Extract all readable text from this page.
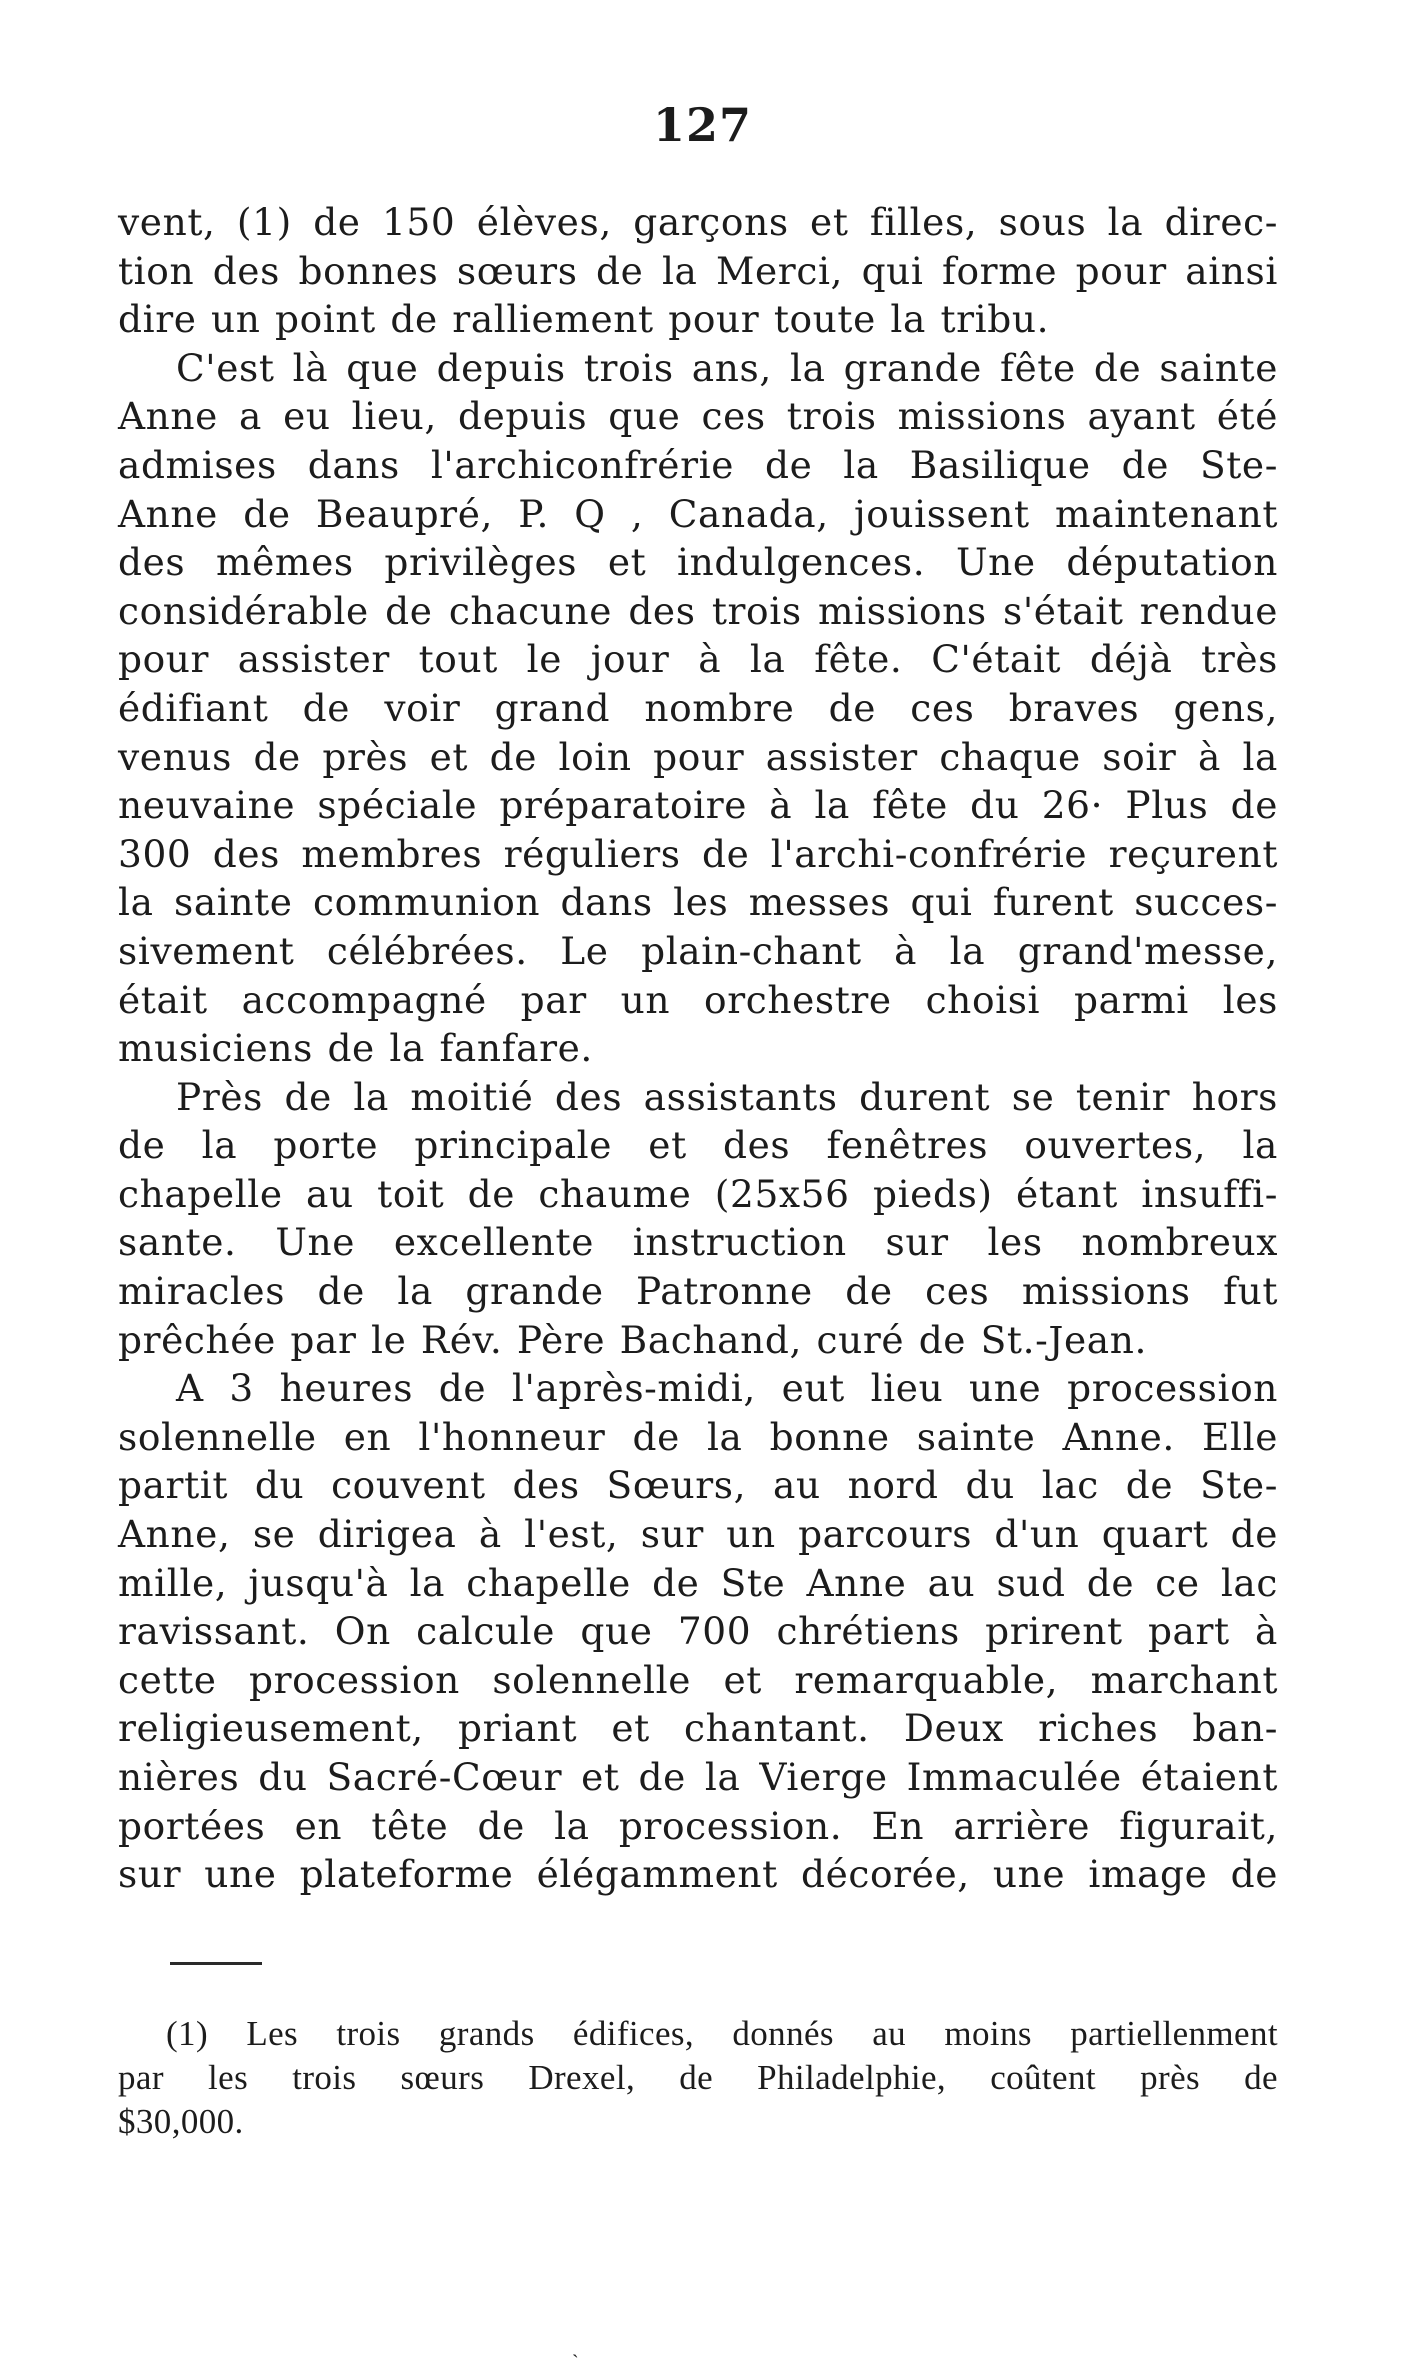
127
vent, (1) de 150 élèves, garçons et filles, sous la direc-
tion des bonnes sœurs de la Merci, qui forme pour ainsi
dire un point de ralliement pour toute la tribu.
C'est là que depuis trois ans, la grande fête de sainte
Anne a eu lieu, depuis que ces trois missions ayant été
admises dans l'archiconfrérie de la Basilique de Ste-
Anne de Beaupré, P. Q , Canada, jouissent maintenant
des mêmes privilèges et indulgences. Une députation
considérable de chacune des trois missions s'était rendue
pour assister tout le jour à la fête. C'était déjà très
édifiant de voir grand nombre de ces braves gens,
venus de près et de loin pour assister chaque soir à la
neuvaine spéciale préparatoire à la fête du 26· Plus de
300 des membres réguliers de l'archi-confrérie reçurent
la sainte communion dans les messes qui furent succes-
sivement célébrées. Le plain-chant à la grand'messe,
était accompagné par un orchestre choisi parmi les
musiciens de la fanfare.
Près de la moitié des assistants durent se tenir hors
de la porte principale et des fenêtres ouvertes, la
chapelle au toit de chaume (25x56 pieds) étant insuffi-
sante. Une excellente instruction sur les nombreux
miracles de la grande Patronne de ces missions fut
prêchée par le Rév. Père Bachand, curé de St.-Jean.
A 3 heures de l'après-midi, eut lieu une procession
solennelle en l'honneur de la bonne sainte Anne. Elle
partit du couvent des Sœurs, au nord du lac de Ste-
Anne, se dirigea à l'est, sur un parcours d'un quart de
mille, jusqu'à la chapelle de Ste Anne au sud de ce lac
ravissant. On calcule que 700 chrétiens prirent part à
cette procession solennelle et remarquable, marchant
religieusement, priant et chantant. Deux riches ban-
nières du Sacré-Cœur et de la Vierge Immaculée étaient
portées en tête de la procession. En arrière figurait,
sur une plateforme élégamment décorée, une image de
(1) Les trois grands édifices, donnés au moins partiellenment
par les trois sœurs Drexel, de Philadelphie, coûtent près de
$30,000.
ˎ
